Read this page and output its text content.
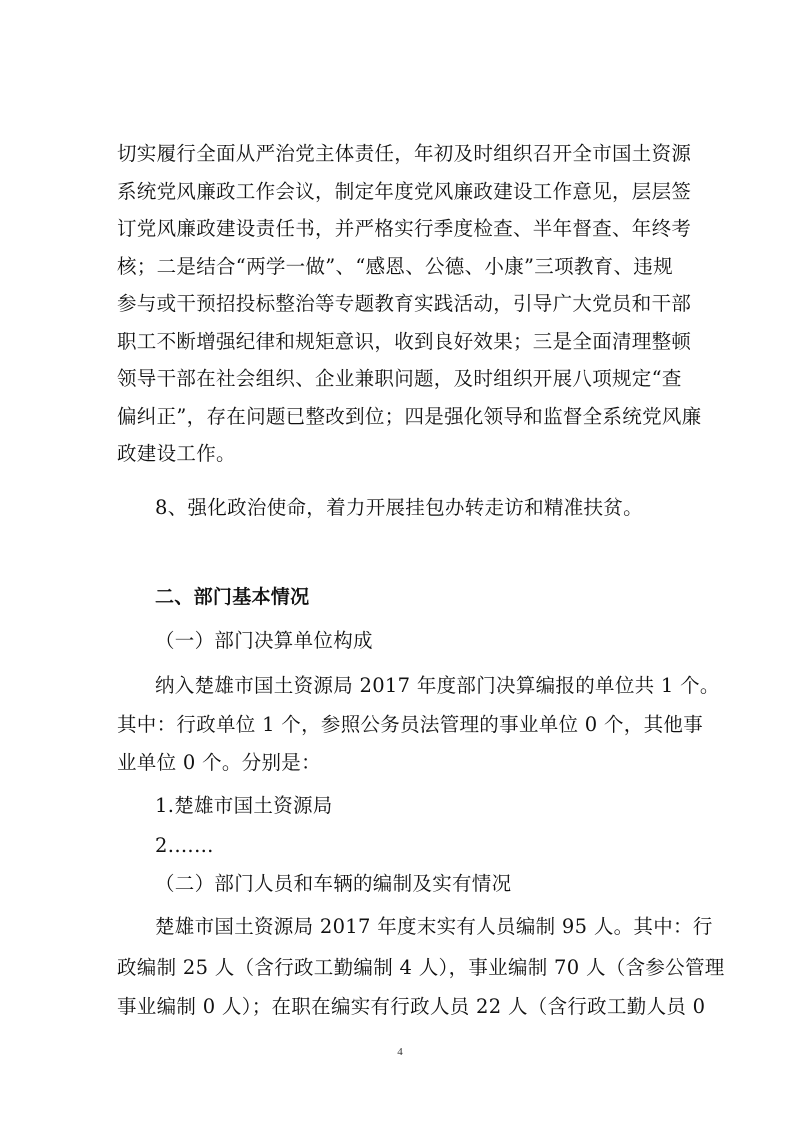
切实履行全面从严治党主体责任，年初及时组织召开全市国土资源
系统党风廉政工作会议，制定年度党风廉政建设工作意见，层层签
订党风廉政建设责任书，并严格实行季度检查、半年督查、年终考
核；二是结合“两学一做”、“感恩、公德、小康”三项教育、违规
参与或干预招投标整治等专题教育实践活动，引导广大党员和干部
职工不断增强纪律和规矩意识，收到良好效果；三是全面清理整顿
领导干部在社会组织、企业兼职问题，及时组织开展八项规定“查
偏纠正”，存在问题已整改到位；四是强化领导和监督全系统党风廉
政建设工作。
8、强化政治使命，着力开展挂包办转走访和精准扶贫。
二、部门基本情况
（一）部门决算单位构成
纳入楚雄市国土资源局 2017 年度部门决算编报的单位共 1 个。
其中：行政单位 1 个，参照公务员法管理的事业单位 0 个，其他事
业单位 0 个。分别是：
1.楚雄市国土资源局
2.……
（二）部门人员和车辆的编制及实有情况
楚雄市国土资源局 2017 年度末实有人员编制 95 人。其中：行
政编制 25 人（含行政工勤编制 4 人），事业编制 70 人（含参公管理
事业编制 0 人）；在职在编实有行政人员 22 人（含行政工勤人员 0
4
